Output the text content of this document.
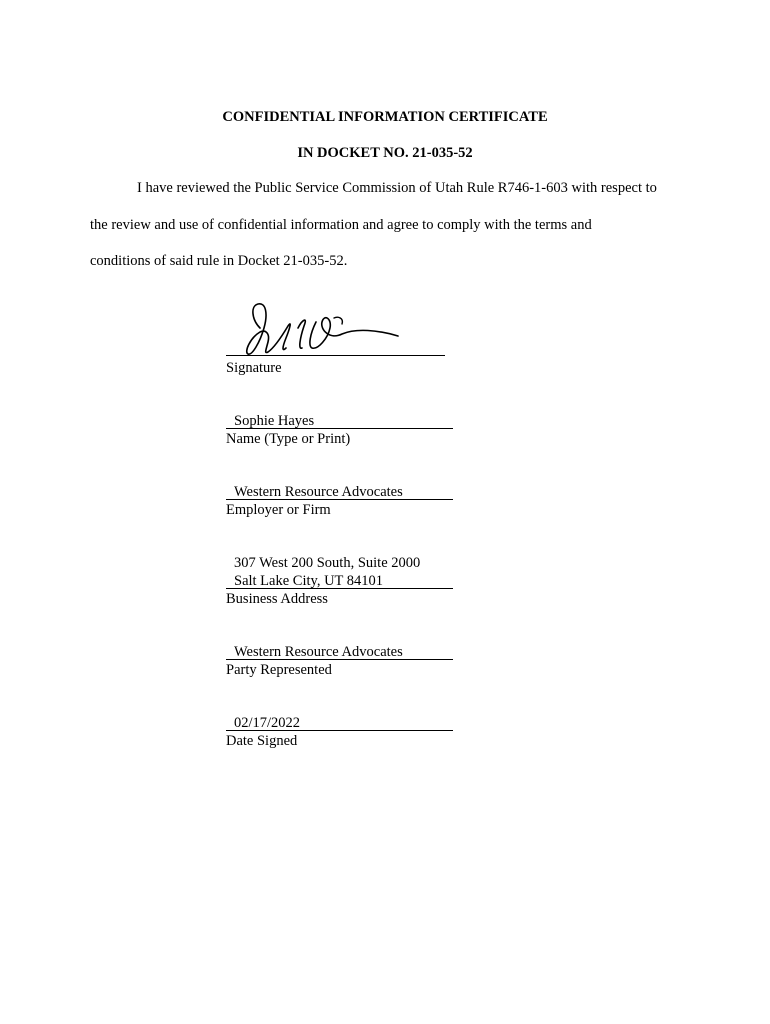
CONFIDENTIAL INFORMATION CERTIFICATE
IN DOCKET NO. 21-035-52
I have reviewed the Public Service Commission of Utah Rule R746-1-603 with respect to
the review and use of confidential information and agree to comply with the terms and
conditions of said rule in Docket 21-035-52.
Signature
Sophie Hayes
Name (Type or Print)
Western Resource Advocates
Employer or Firm
307 West 200 South, Suite 2000
Salt Lake City, UT 84101
Business Address
Western Resource Advocates
Party Represented
02/17/2022
Date Signed
